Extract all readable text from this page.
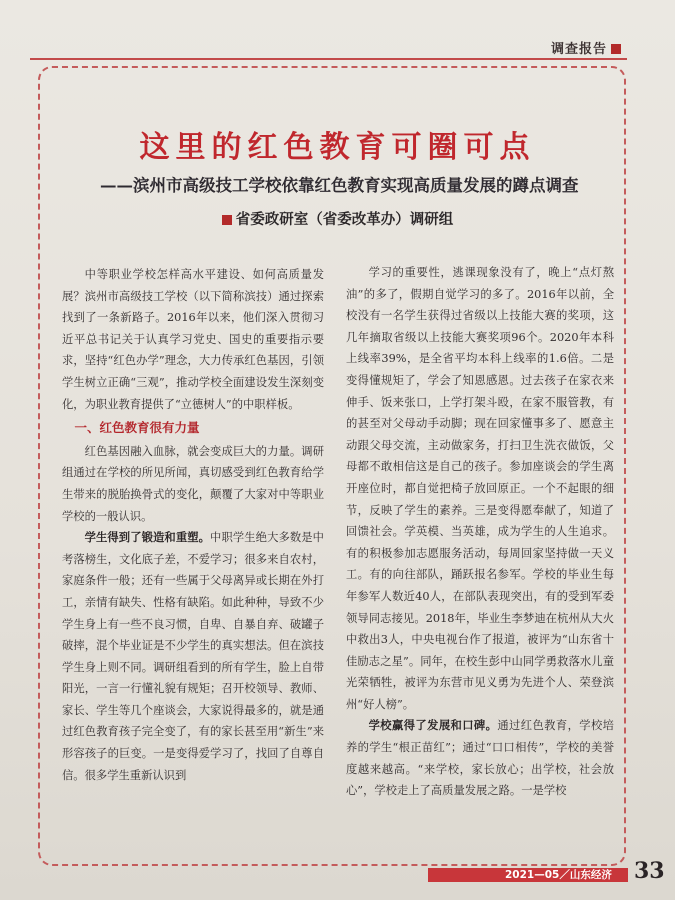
调查报告
这里的红色教育可圈可点
——滨州市高级技工学校依靠红色教育实现高质量发展的蹲点调查
省委政研室（省委改革办）调研组

中等职业学校怎样高水平建设、如何高质量发展？滨州市高级技工学校（以下简称滨技）通过探索找到了一条新路子。2016年以来，他们深入贯彻习近平总书记关于认真学习党史、国史的重要指示要求，坚持“红色办学”理念，大力传承红色基因，引领学生树立正确“三观”，推动学校全面建设发生深刻变化，为职业教育提供了“立德树人”的中职样板。

一、红色教育很有力量

红色基因融入血脉，就会变成巨大的力量。调研组通过在学校的所见所闻，真切感受到红色教育给学生带来的脱胎换骨式的变化，颠覆了大家对中等职业学校的一般认识。

学生得到了锻造和重塑。中职学生绝大多数是中考落榜生，文化底子差，不爱学习；很多来自农村，家庭条件一般；还有一些属于父母离异或长期在外打工，亲情有缺失、性格有缺陷。如此种种，导致不少学生身上有一些不良习惯，自卑、自暴自弃、破罐子破摔，混个毕业证是不少学生的真实想法。但在滨技学生身上则不同。调研组看到的所有学生，脸上自带阳光，一言一行懂礼貌有规矩；召开校领导、教师、家长、学生等几个座谈会，大家说得最多的，就是通过红色教育孩子完全变了，有的家长甚至用“新生”来形容孩子的巨变。一是变得爱学习了，找回了自尊自信。很多学生重新认识到

学习的重要性，逃课现象没有了，晚上“点灯熬油”的多了，假期自觉学习的多了。2016年以前，全校没有一名学生获得过省级以上技能大赛的奖项，这几年摘取省级以上技能大赛奖项96个。2020年本科上线率39%，是全省平均本科上线率的1.6倍。二是变得懂规矩了，学会了知恩感恩。过去孩子在家衣来伸手、饭来张口，上学打架斗殴，在家不服管教，有的甚至对父母动手动脚；现在回家懂事多了、愿意主动跟父母交流，主动做家务，打扫卫生洗衣做饭，父母都不敢相信这是自己的孩子。参加座谈会的学生离开座位时，都自觉把椅子放回原正。一个不起眼的细节，反映了学生的素养。三是变得愿奉献了，知道了回馈社会。学英模、当英雄，成为学生的人生追求。有的积极参加志愿服务活动，每周回家坚持做一天义工。有的向往部队，踊跃报名参军。学校的毕业生每年参军人数近40人，在部队表现突出，有的受到军委领导同志接见。2018年，毕业生李梦迪在杭州从大火中救出3人，中央电视台作了报道，被评为“山东省十佳励志之星”。同年，在校生彭中山同学勇救落水儿童光荣牺牲，被评为东营市见义勇为先进个人、荣登滨州“好人榜”。

学校赢得了发展和口碑。通过红色教育，学校培养的学生“根正苗红”；通过“口口相传”，学校的美誉度越来越高。“来学校，家长放心；出学校，社会放心”，学校走上了高质量发展之路。一是学校

2021—05／山东经济 33
